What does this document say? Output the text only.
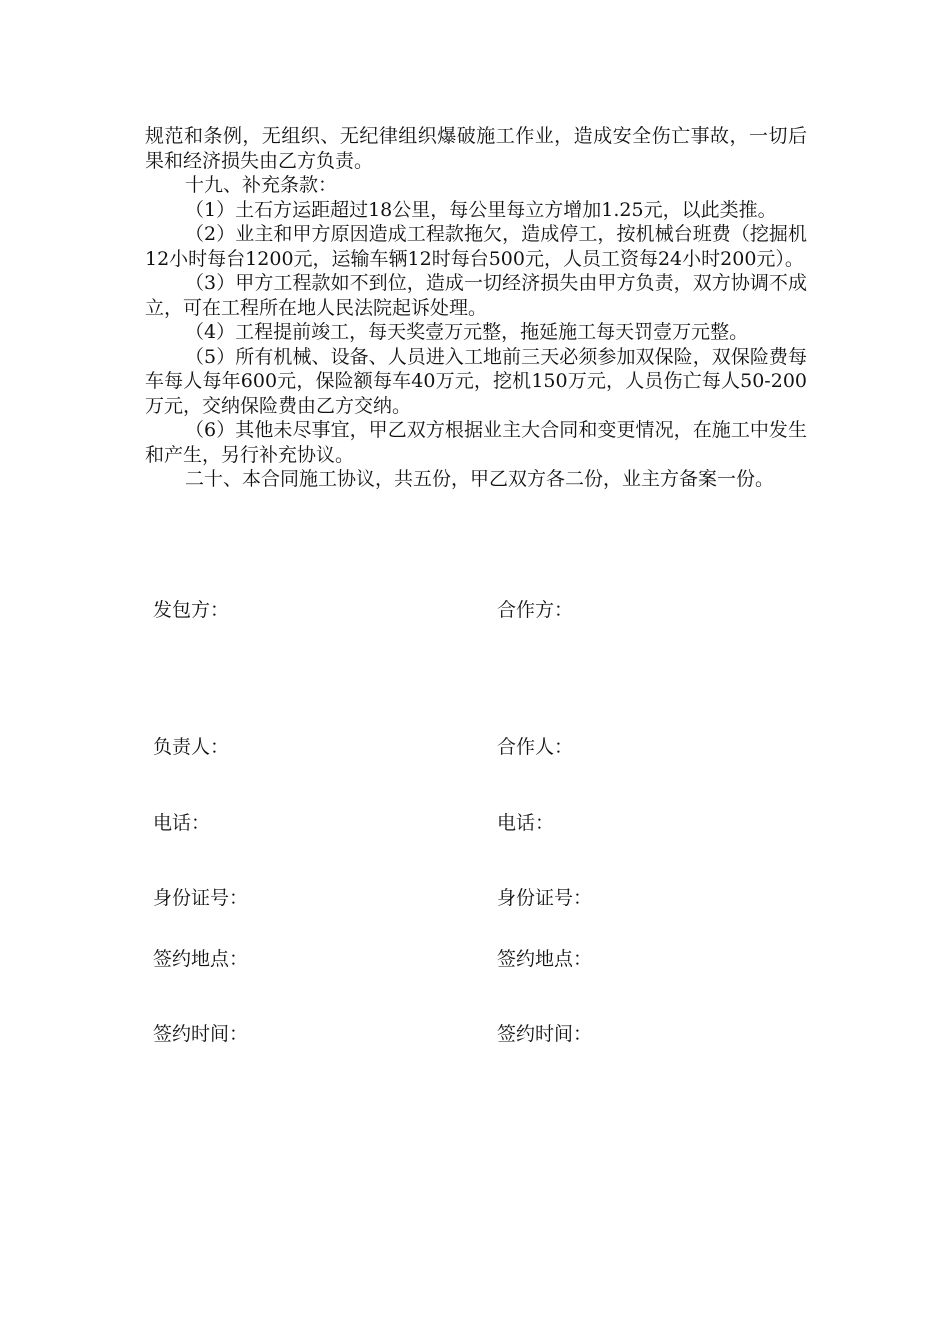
规范和条例，无组织、无纪律组织爆破施工作业，造成安全伤亡事故，一切后果和经济损失由乙方负责。

十九、补充条款：

（1）土石方运距超过18公里，每公里每立方增加1.25元，以此类推。

（2）业主和甲方原因造成工程款拖欠，造成停工，按机械台班费（挖掘机12小时每台1200元，运输车辆12时每台500元，人员工资每24小时200元）。

（3）甲方工程款如不到位，造成一切经济损失由甲方负责，双方协调不成立，可在工程所在地人民法院起诉处理。

（4）工程提前竣工，每天奖壹万元整，拖延施工每天罚壹万元整。

（5）所有机械、设备、人员进入工地前三天必须参加双保险，双保险费每车每人每年600元，保险额每车40万元，挖机150万元，人员伤亡每人50-200万元，交纳保险费由乙方交纳。

（6）其他未尽事宜，甲乙双方根据业主大合同和变更情况，在施工中发生和产生，另行补充协议。

二十、本合同施工协议，共五份，甲乙双方各二份，业主方备案一份。

发包方：
负责人：
电话：
身份证号：
签约地点：
签约时间：
合作方：
合作人：
电话：
身份证号：
签约地点：
签约时间：
